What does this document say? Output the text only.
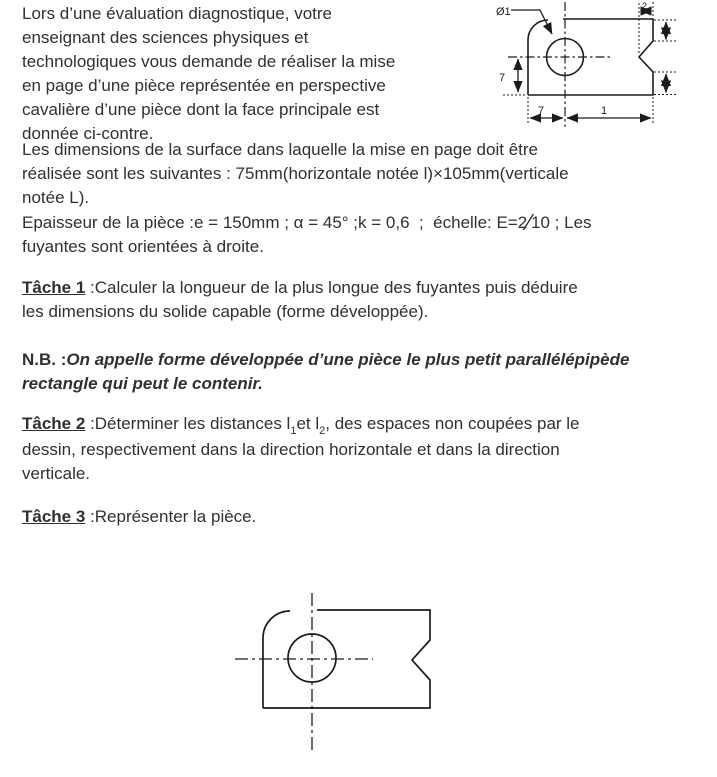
Lors d’une évaluation diagnostique, votre
enseignant des sciences physiques et
technologiques vous demande de réaliser la mise
en page d’une pièce représentée en perspective
cavalière d’une pièce dont la face principale est
donnée ci-contre.
Les dimensions de la surface dans laquelle la mise en page doit être
réalisée sont les suivantes : 75mm(horizontale notée l)×105mm(verticale
notée L).
Epaisseur de la pièce :e = 150mm ; α = 45° ;k = 0,6  ;  échelle: E=2∕10 ; Les
fuyantes sont orientées à droite.
Tâche 1 :Calculer la longueur de la plus longue des fuyantes puis déduire
les dimensions du solide capable (forme développée).
N.B. :On appelle forme développée d’une pièce le plus petit parallélépipède
rectangle qui peut le contenir.
Tâche 2 :Déterminer les distances $l_1et$ $l_2$, des espaces non coupées par le
dessin, respectivement dans la direction horizontale et dans la direction
verticale.
Tâche 3 :Représenter la pièce.
Ø1
7
7	1
2
